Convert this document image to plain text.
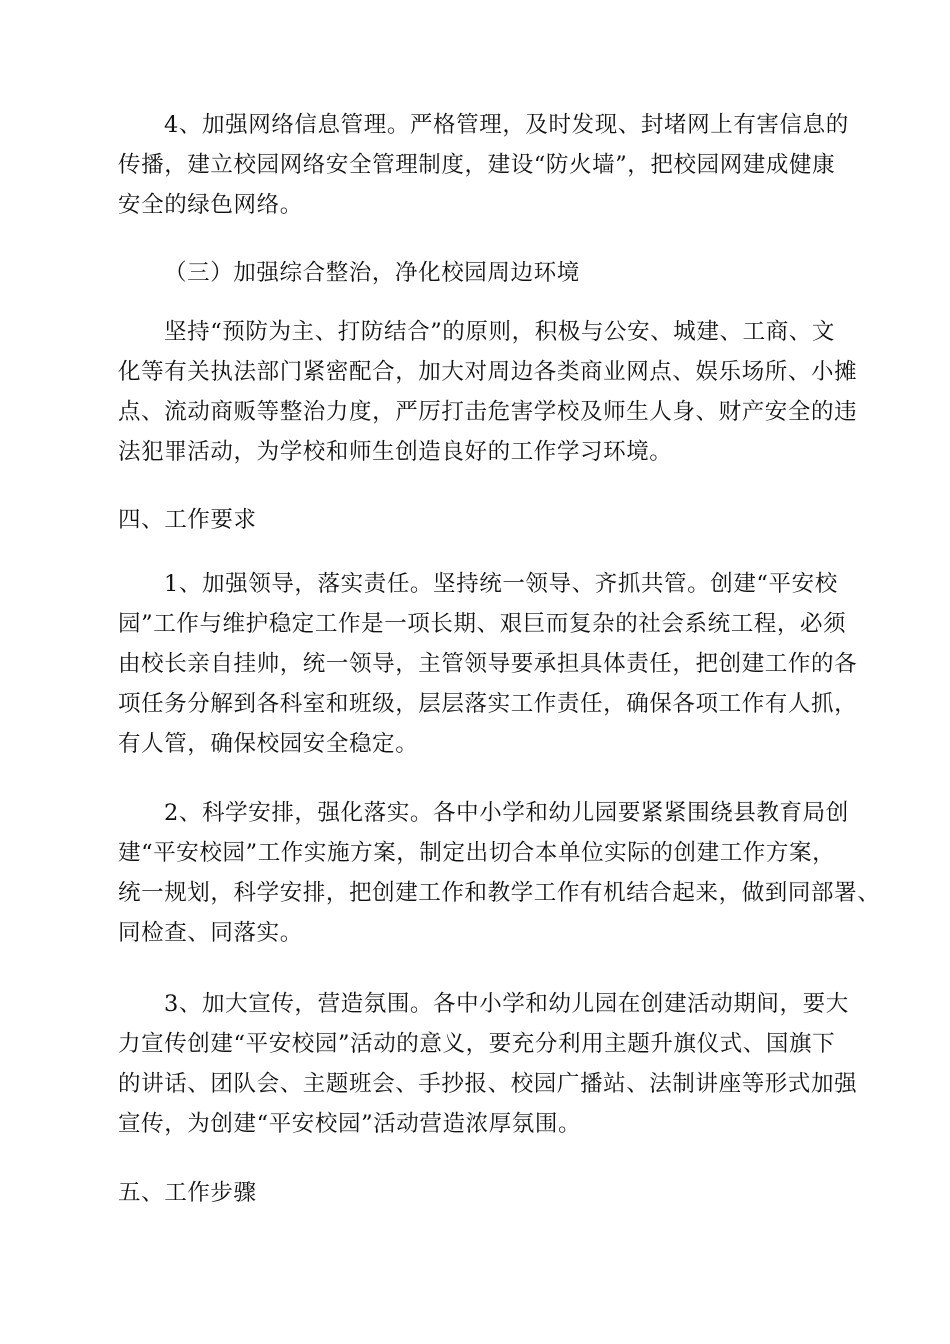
4、加强网络信息管理。严格管理，及时发现、封堵网上有害信息的
传播，建立校园网络安全管理制度，建设“防火墙”，把校园网建成健康
安全的绿色网络。
（三）加强综合整治，净化校园周边环境
坚持“预防为主、打防结合”的原则，积极与公安、城建、工商、文
化等有关执法部门紧密配合，加大对周边各类商业网点、娱乐场所、小摊
点、流动商贩等整治力度，严厉打击危害学校及师生人身、财产安全的违
法犯罪活动，为学校和师生创造良好的工作学习环境。
四、工作要求
1、加强领导，落实责任。坚持统一领导、齐抓共管。创建“平安校
园”工作与维护稳定工作是一项长期、艰巨而复杂的社会系统工程，必须
由校长亲自挂帅，统一领导，主管领导要承担具体责任，把创建工作的各
项任务分解到各科室和班级，层层落实工作责任，确保各项工作有人抓，
有人管，确保校园安全稳定。
2、科学安排，强化落实。各中小学和幼儿园要紧紧围绕县教育局创
建“平安校园”工作实施方案，制定出切合本单位实际的创建工作方案，
统一规划，科学安排，把创建工作和教学工作有机结合起来，做到同部署、
同检查、同落实。
3、加大宣传，营造氛围。各中小学和幼儿园在创建活动期间，要大
力宣传创建“平安校园”活动的意义，要充分利用主题升旗仪式、国旗下
的讲话、团队会、主题班会、手抄报、校园广播站、法制讲座等形式加强
宣传，为创建“平安校园”活动营造浓厚氛围。
五、工作步骤
